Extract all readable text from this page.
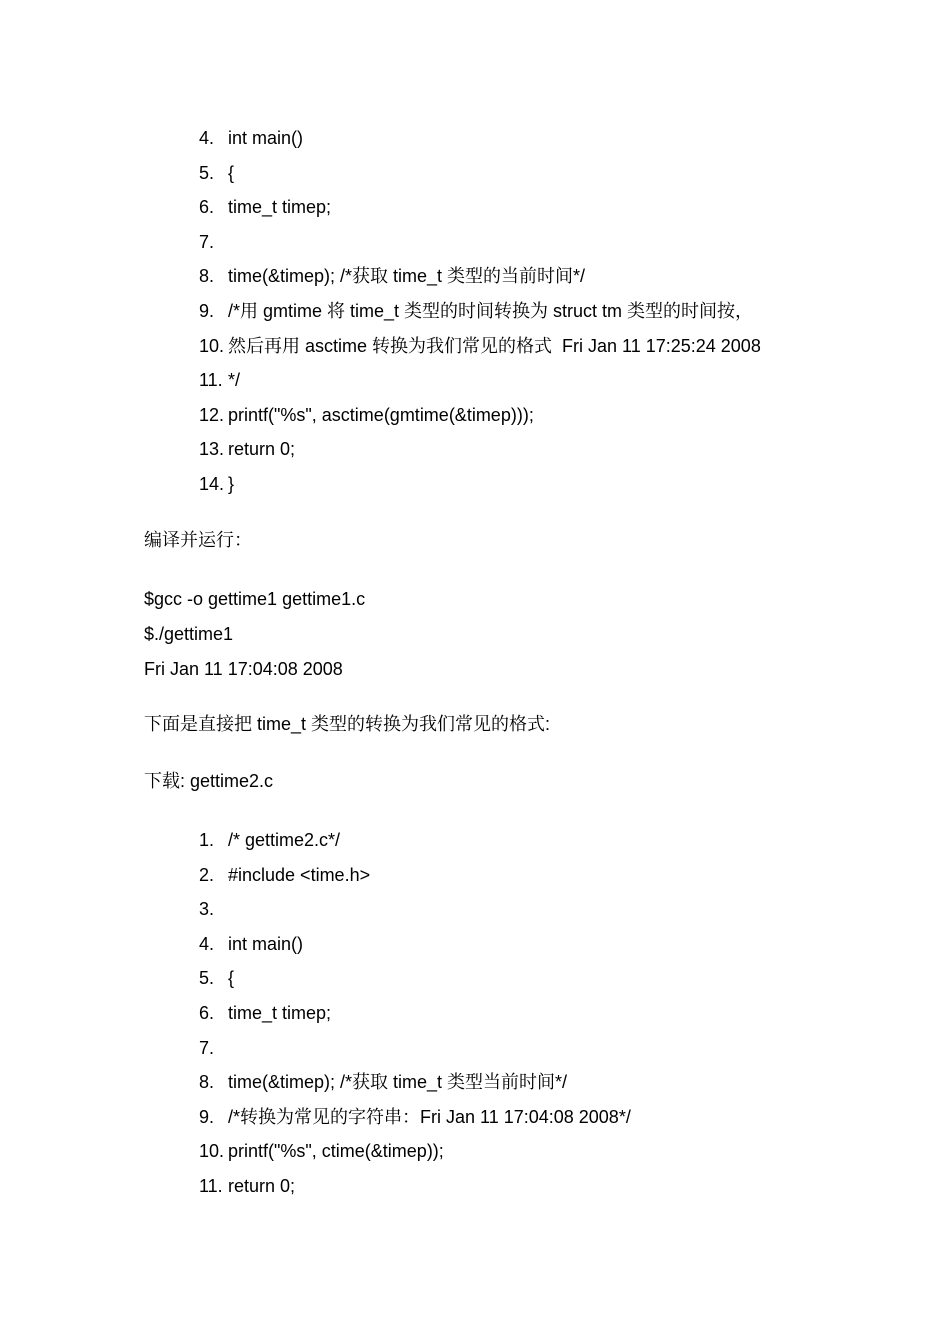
4. int main()
5. {
6. time_t timep;
7.
8. time(&timep); /*获取 time_t 类型的当前时间*/
9. /*用 gmtime 将 time_t 类型的时间转换为 struct tm 类型的时间按，
10. 然后再用 asctime 转换为我们常见的格式  Fri Jan 11 17:25:24 2008
11. */
12. printf("%s", asctime(gmtime(&timep)));
13. return 0;
14. }

编译并运行：

$gcc -o gettime1 gettime1.c

$./gettime1

Fri Jan 11 17:04:08 2008

下面是直接把 time_t 类型的转换为我们常见的格式:

下载: gettime2.c

1. /* gettime2.c*/
2. #include <time.h>
3.
4. int main()
5. {
6. time_t timep;
7.
8. time(&timep); /*获取 time_t 类型当前时间*/
9. /*转换为常见的字符串：Fri Jan 11 17:04:08 2008*/
10. printf("%s", ctime(&timep));
11. return 0;
